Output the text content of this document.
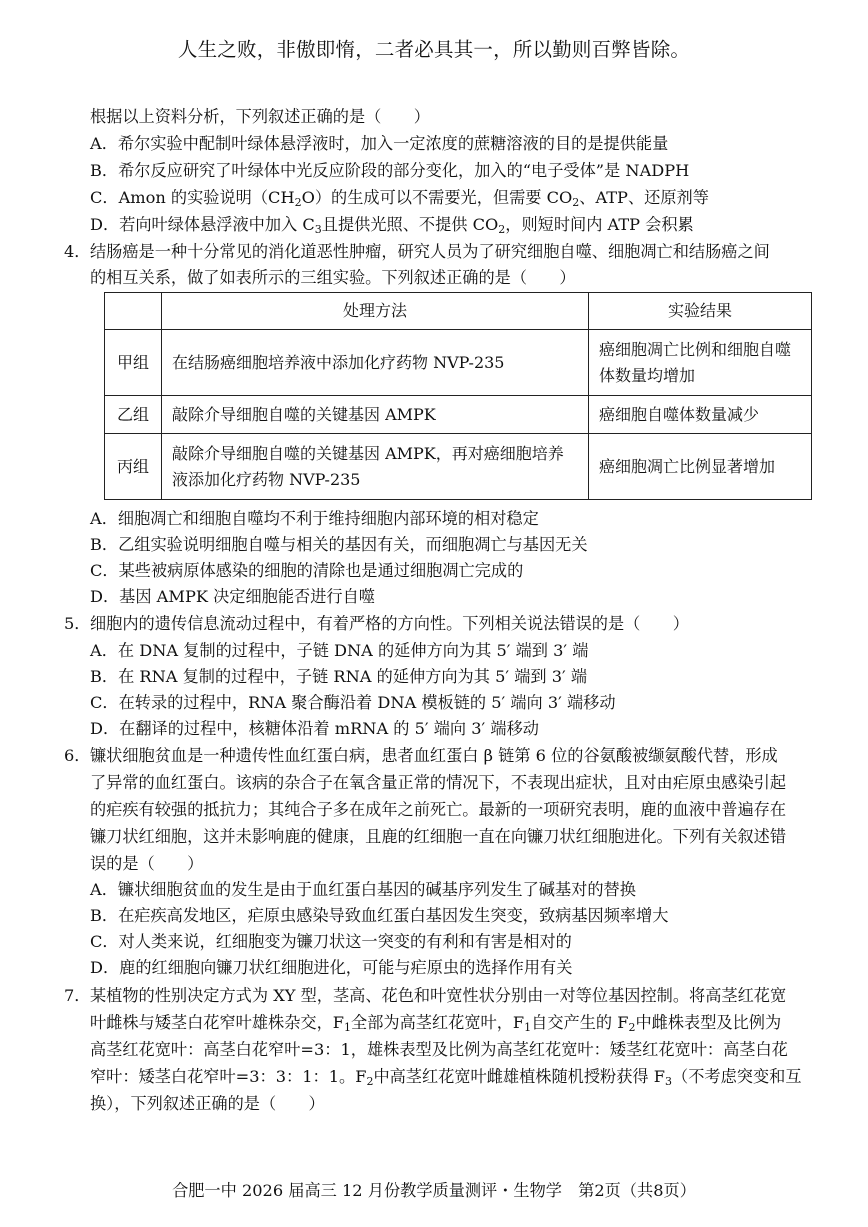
人生之败，非傲即惰，二者必具其一，所以勤则百弊皆除。
根据以上资料分析，下列叙述正确的是（　　）
A．希尔实验中配制叶绿体悬浮液时，加入一定浓度的蔗糖溶液的目的是提供能量
B．希尔反应研究了叶绿体中光反应阶段的部分变化，加入的“电子受体”是 NADPH
C．Amon 的实验说明$(CH_2O)$的生成可以不需要光，但需要 $CO_2$、ATP、还原剂等
D．若向叶绿体悬浮液中加入 $C_3$且提供光照、不提供 $CO_2$，则短时间内 ATP 会积累
4．结肠癌是一种十分常见的消化道恶性肿瘤，研究人员为了研究细胞自噬、细胞凋亡和结肠癌之间
的相互关系，做了如表所示的三组实验。下列叙述正确的是（　　）
	处理方法	实验结果
甲组	在结肠癌细胞培养液中添加化疗药物 NVP-235	癌细胞凋亡比例和细胞自噬体数量均增加
乙组	敲除介导细胞自噬的关键基因 AMPK	癌细胞自噬体数量减少
丙组	敲除介导细胞自噬的关键基因 AMPK，再对癌细胞培养液添加化疗药物 NVP-235	癌细胞凋亡比例显著增加
A．细胞凋亡和细胞自噬均不利于维持细胞内部环境的相对稳定
B．乙组实验说明细胞自噬与相关的基因有关，而细胞凋亡与基因无关
C．某些被病原体感染的细胞的清除也是通过细胞凋亡完成的
D．基因 AMPK 决定细胞能否进行自噬
5．细胞内的遗传信息流动过程中，有着严格的方向性。下列相关说法错误的是（　　）
A．在 DNA 复制的过程中，子链 DNA 的延伸方向为其 5′ 端到 3′ 端
B．在 RNA 复制的过程中，子链 RNA 的延伸方向为其 5′ 端到 3′ 端
C．在转录的过程中，RNA 聚合酶沿着 DNA 模板链的 5′ 端向 3′ 端移动
D．在翻译的过程中，核糖体沿着 mRNA 的 5′ 端向 3′ 端移动
6．镰状细胞贫血是一种遗传性血红蛋白病，患者血红蛋白 β 链第 6 位的谷氨酸被缬氨酸代替，形成
了异常的血红蛋白。该病的杂合子在氧含量正常的情况下，不表现出症状，且对由疟原虫感染引起
的疟疾有较强的抵抗力；其纯合子多在成年之前死亡。最新的一项研究表明，鹿的血液中普遍存在
镰刀状红细胞，这并未影响鹿的健康，且鹿的红细胞一直在向镰刀状红细胞进化。下列有关叙述错
误的是（　　）
A．镰状细胞贫血的发生是由于血红蛋白基因的碱基序列发生了碱基对的替换
B．在疟疾高发地区，疟原虫感染导致血红蛋白基因发生突变，致病基因频率增大
C．对人类来说，红细胞变为镰刀状这一突变的有利和有害是相对的
D．鹿的红细胞向镰刀状红细胞进化，可能与疟原虫的选择作用有关
7．某植物的性别决定方式为 XY 型，茎高、花色和叶宽性状分别由一对等位基因控制。将高茎红花宽
叶雌株与矮茎白花窄叶雄株杂交，$F_1$全部为高茎红花宽叶，$F_1$自交产生的 $F_2$中雌株表型及比例为
高茎红花宽叶：高茎白花窄叶=3：1，雄株表型及比例为高茎红花宽叶：矮茎红花宽叶：高茎白花
窄叶：矮茎白花窄叶=3：3：1：1。$F_2$中高茎红花宽叶雌雄植株随机授粉获得 $F_3$（不考虑突变和互
换），下列叙述正确的是（　　）
合肥一中 2026 届高三 12 月份教学质量测评・生物学　第2页（共8页）
